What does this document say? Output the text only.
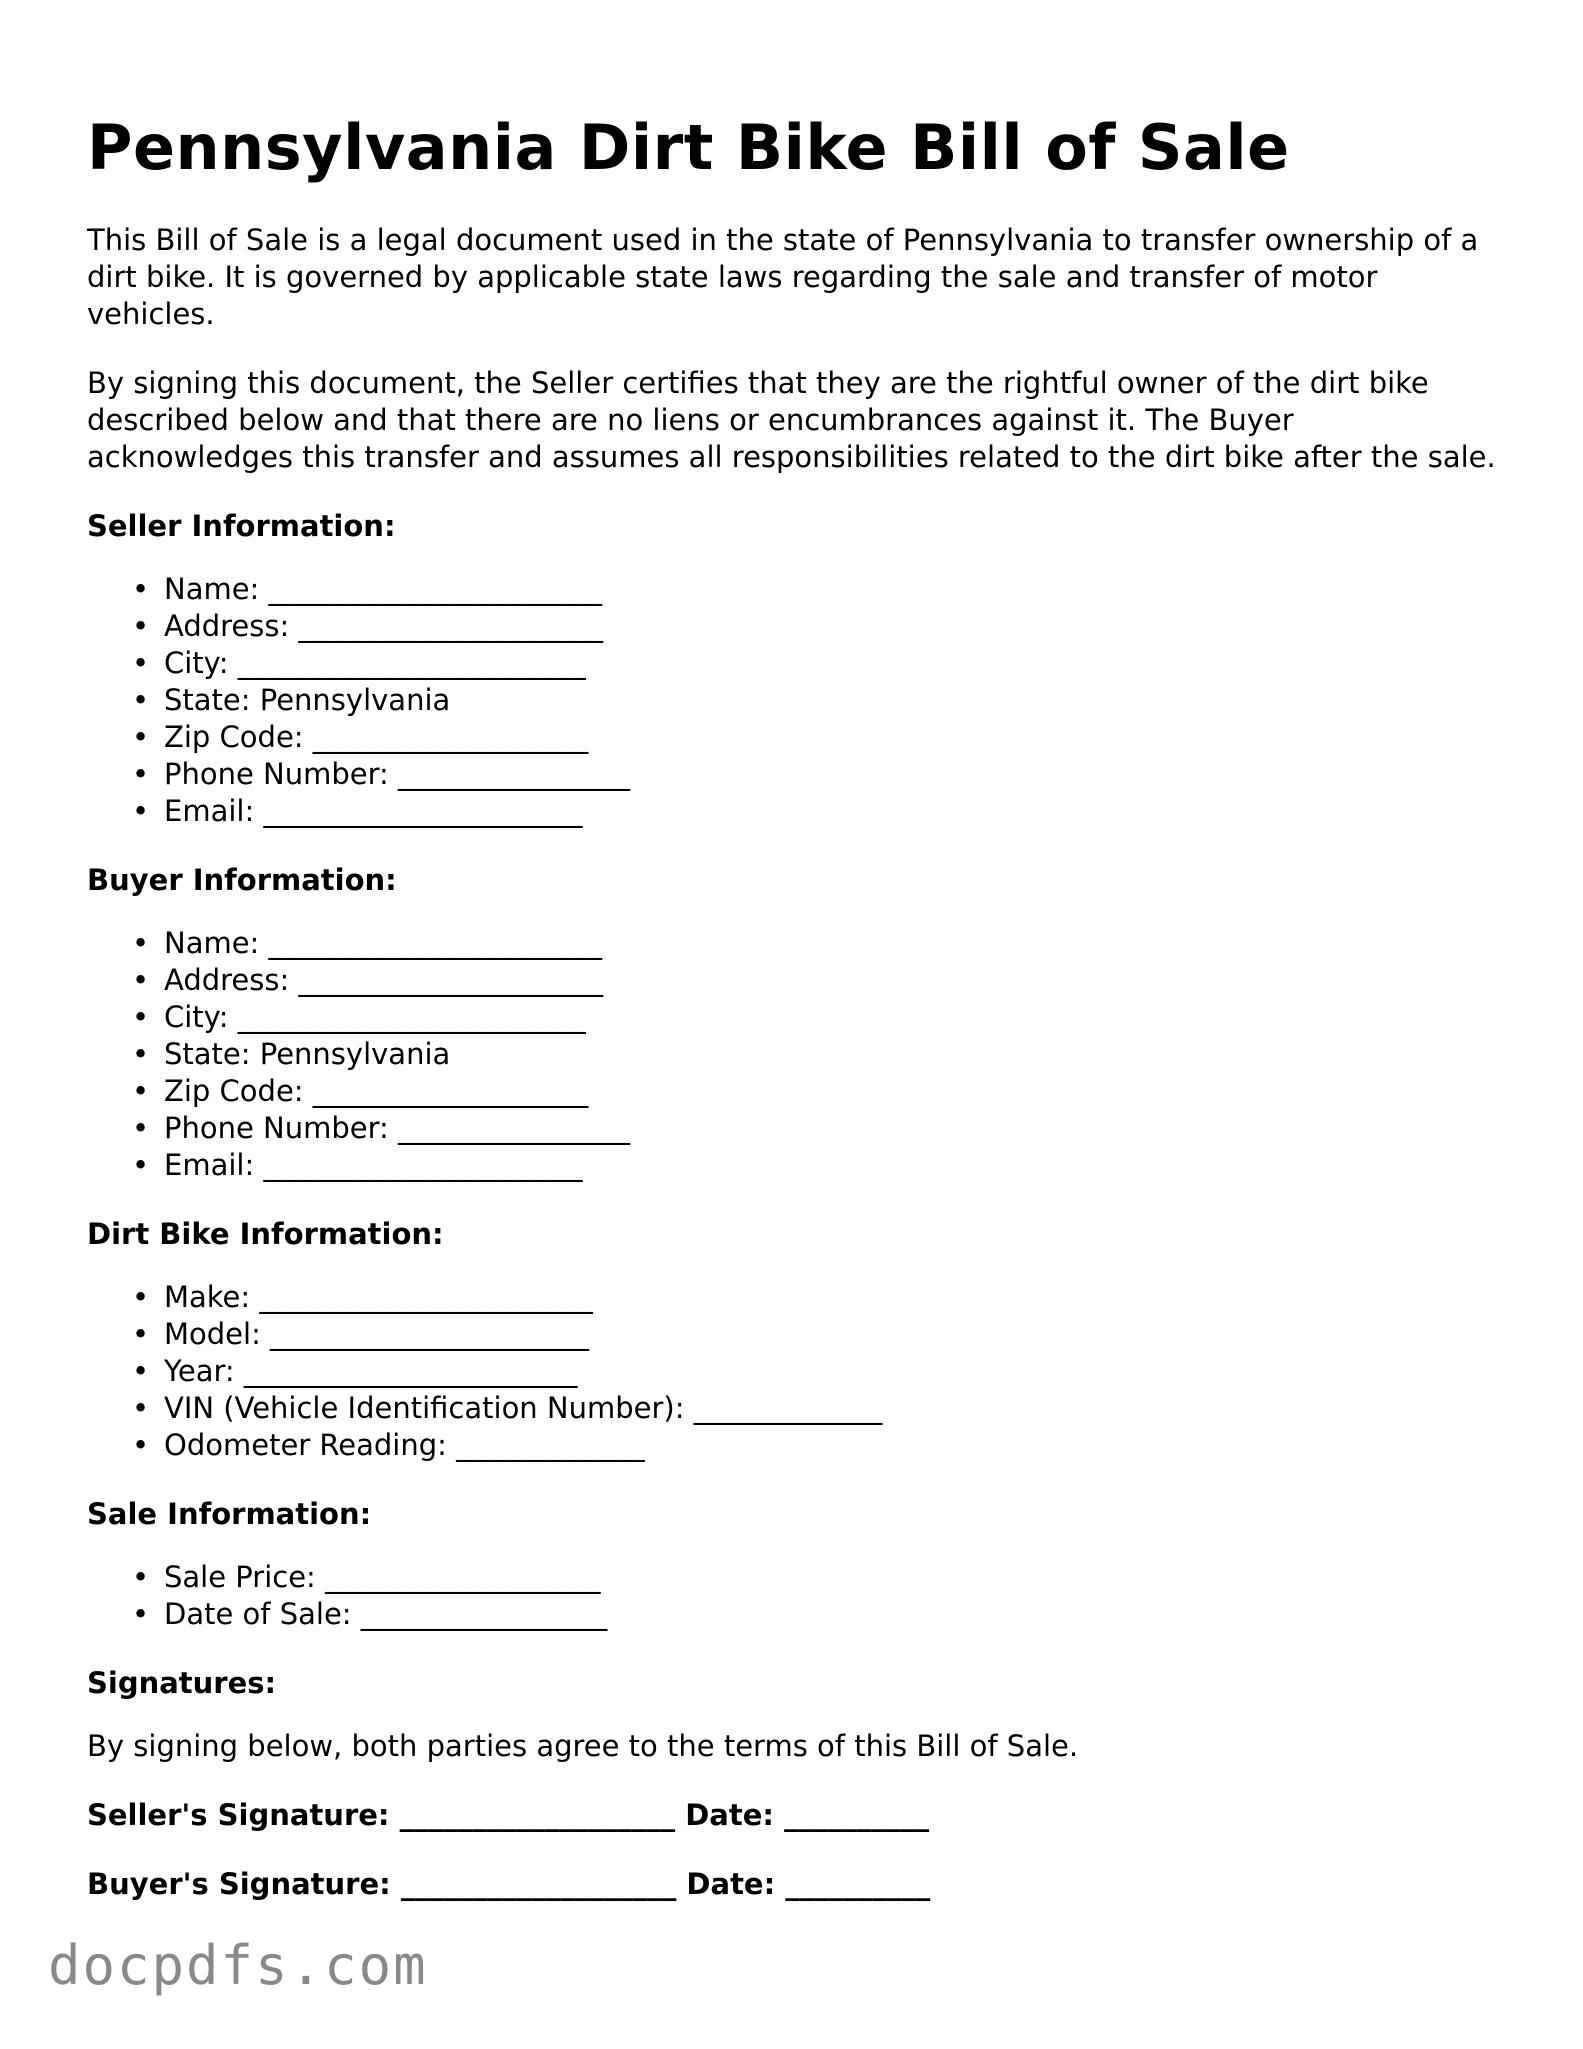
Pennsylvania Dirt Bike Bill of Sale

This Bill of Sale is a legal document used in the state of Pennsylvania to transfer ownership of a dirt bike. It is governed by applicable state laws regarding the sale and transfer of motor vehicles.

By signing this document, the Seller certifies that they are the rightful owner of the dirt bike described below and that there are no liens or encumbrances against it. The Buyer acknowledges this transfer and assumes all responsibilities related to the dirt bike after the sale.

Seller Information:
• Name: _______________________
• Address: _____________________
• City: ________________________
• State: Pennsylvania
• Zip Code: ___________________
• Phone Number: ________________
• Email: ______________________
Buyer Information:
• Name: _______________________
• Address: _____________________
• City: ________________________
• State: Pennsylvania
• Zip Code: ___________________
• Phone Number: ________________
• Email: ______________________
Dirt Bike Information:
• Make: _______________________
• Model: ______________________
• Year: _______________________
• VIN (Vehicle Identification Number): _____________
• Odometer Reading: _____________
Sale Information:
• Sale Price: ___________________
• Date of Sale: _________________
Signatures:

By signing below, both parties agree to the terms of this Bill of Sale.

Seller's Signature: ___________________ Date: __________
Buyer's Signature: ___________________ Date: __________
docpdfs.com
